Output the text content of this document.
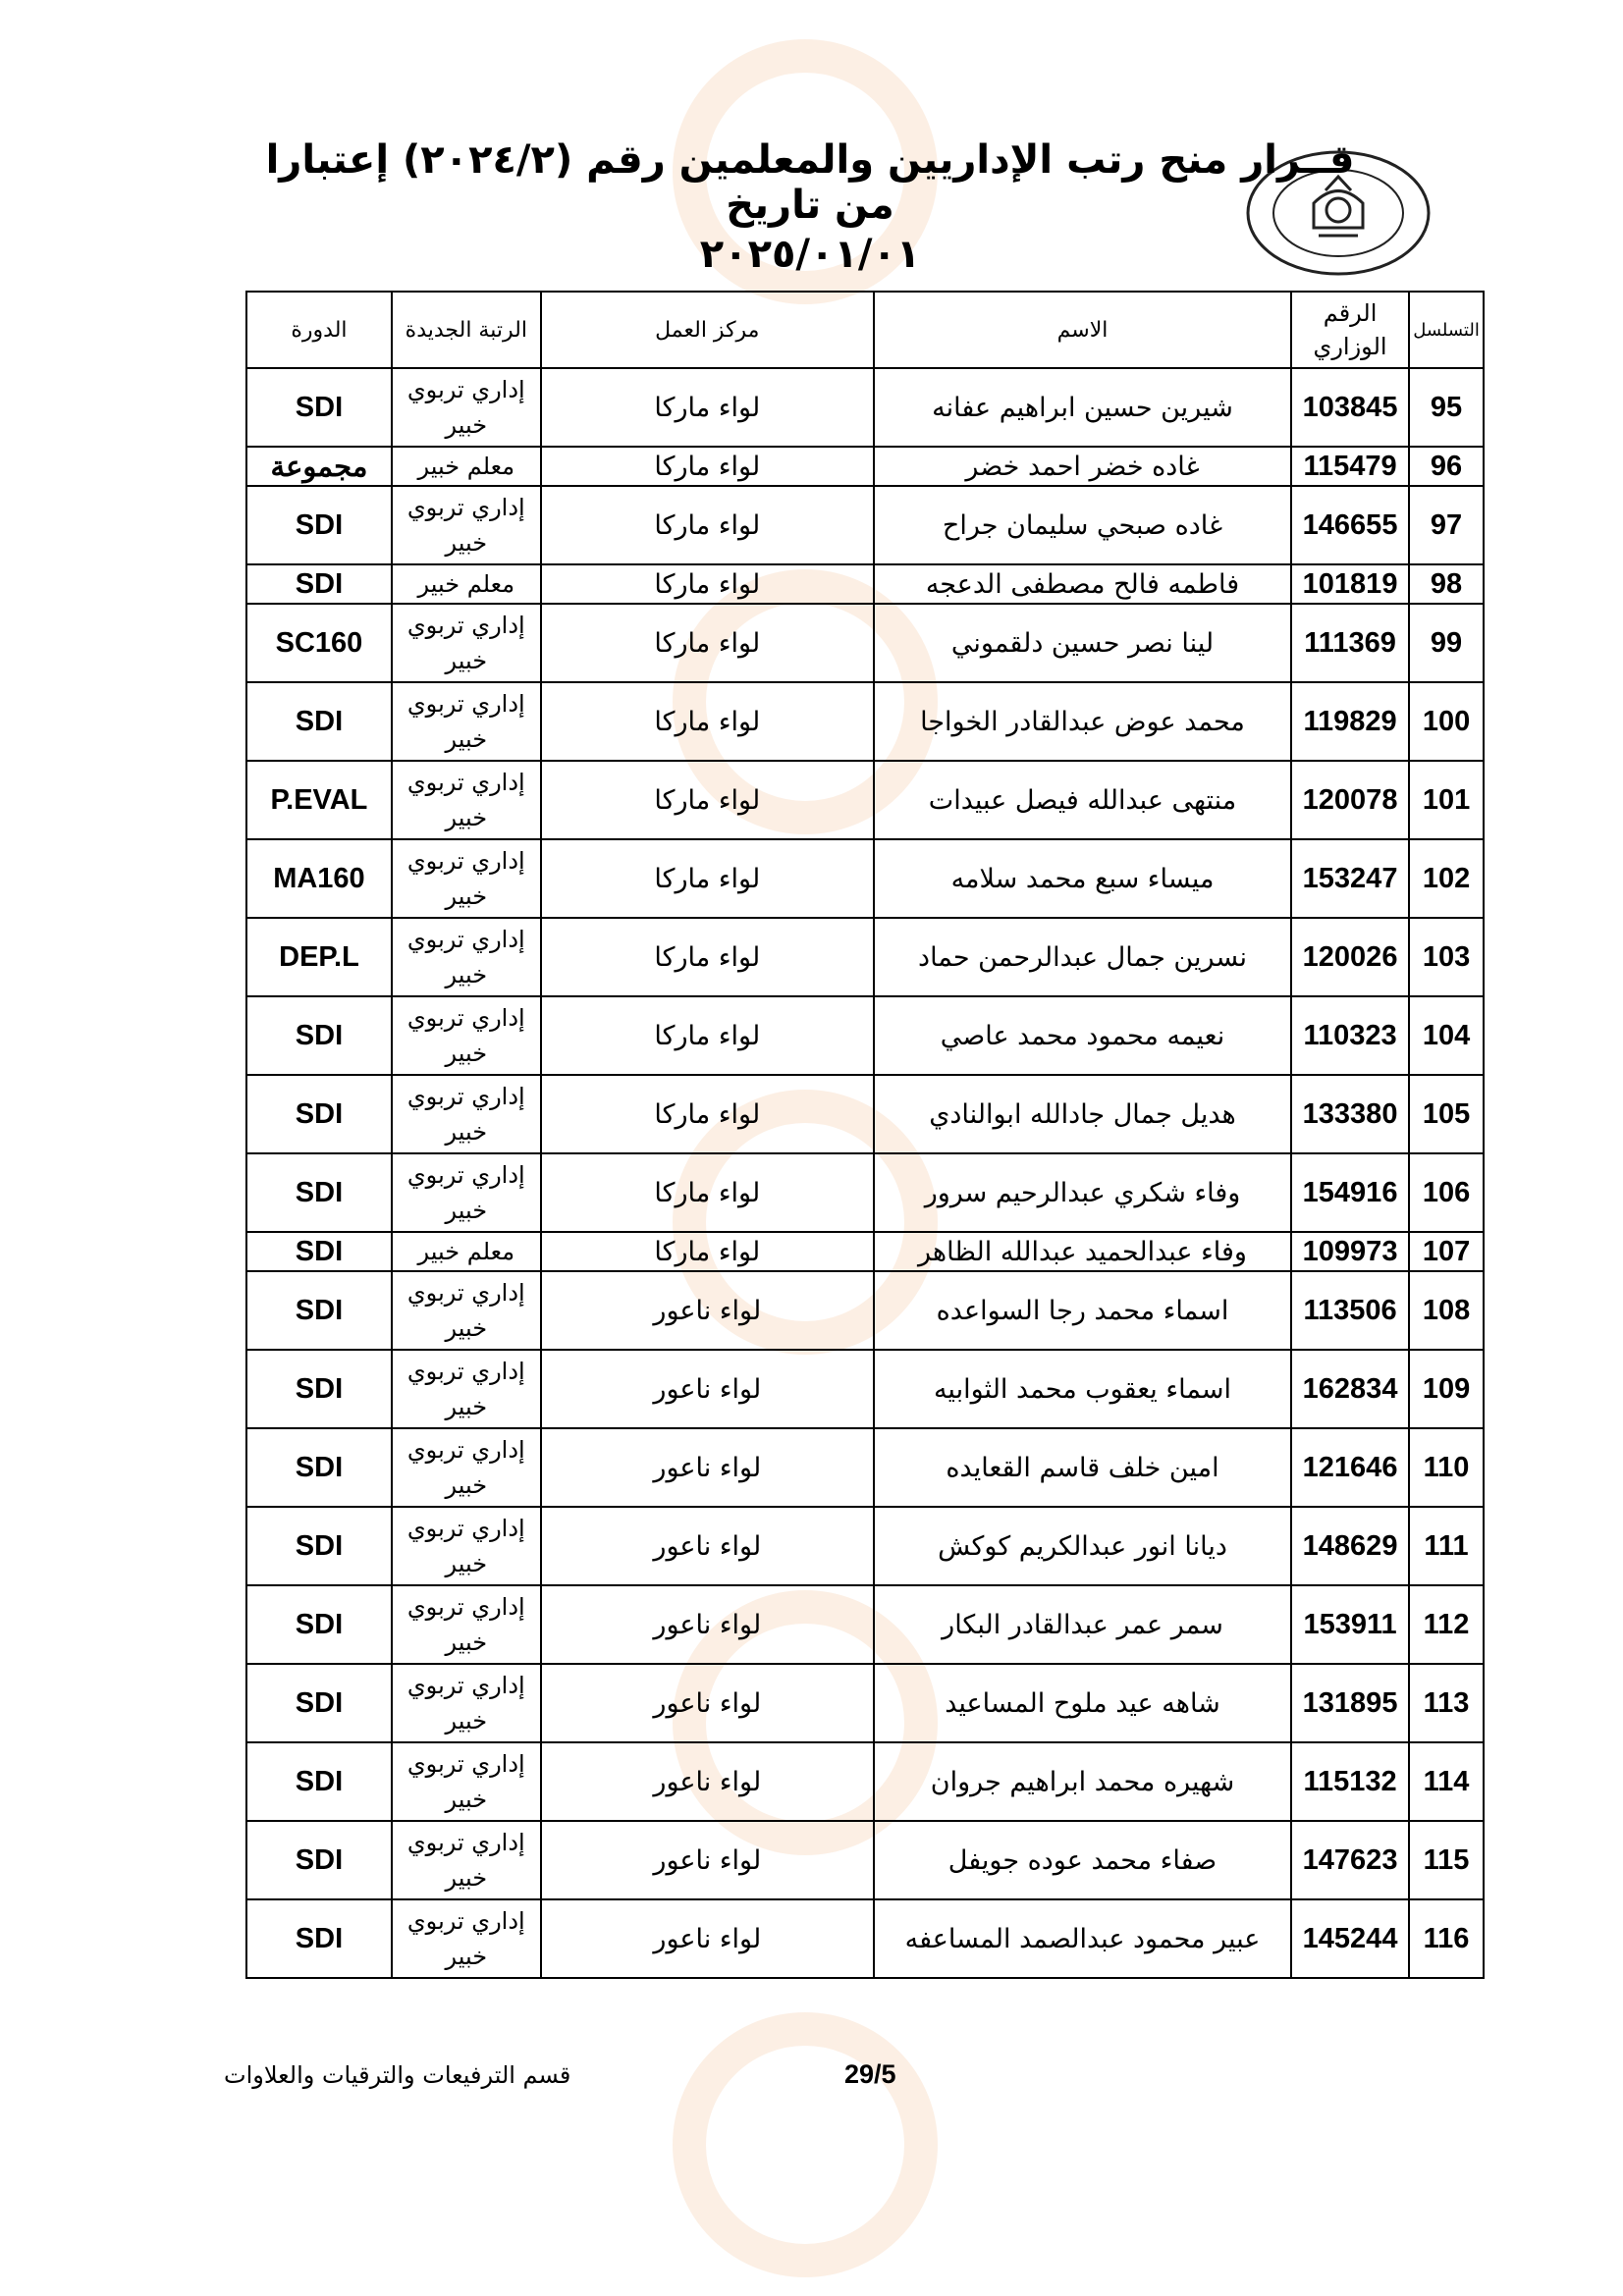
قــرار منح رتب الإداريين والمعلمين رقم (٢٠٢٤/٢) إعتبارا من تاريخ
٢٠٢٥/٠١/٠١
التسلسل	الرقم الوزاري	الاسم	مركز العمل	الرتبة الجديدة	الدورة
95	103845	شيرين حسين ابراهيم عفانه	لواء ماركا	إداري تربوي خبير	SDI
96	115479	غاده خضر احمد خضر	لواء ماركا	معلم خبير	مجموعة
97	146655	غاده صبحي سليمان جراح	لواء ماركا	إداري تربوي خبير	SDI
98	101819	فاطمه فالح مصطفى الدعجه	لواء ماركا	معلم خبير	SDI
99	111369	لينا نصر حسين دلقموني	لواء ماركا	إداري تربوي خبير	SC160
100	119829	محمد عوض عبدالقادر الخواجا	لواء ماركا	إداري تربوي خبير	SDI
101	120078	منتهى عبدالله فيصل عبيدات	لواء ماركا	إداري تربوي خبير	P.EVAL
102	153247	ميساء سبع محمد سلامه	لواء ماركا	إداري تربوي خبير	MA160
103	120026	نسرين جمال عبدالرحمن حماد	لواء ماركا	إداري تربوي خبير	DEP.L
104	110323	نعيمه محمود محمد عاصي	لواء ماركا	إداري تربوي خبير	SDI
105	133380	هديل جمال جادالله ابوالنادي	لواء ماركا	إداري تربوي خبير	SDI
106	154916	وفاء شكري عبدالرحيم سرور	لواء ماركا	إداري تربوي خبير	SDI
107	109973	وفاء عبدالحميد عبدالله الظاهر	لواء ماركا	معلم خبير	SDI
108	113506	اسماء محمد رجا السواعده	لواء ناعور	إداري تربوي خبير	SDI
109	162834	اسماء يعقوب محمد الثوابيه	لواء ناعور	إداري تربوي خبير	SDI
110	121646	امين خلف قاسم القعايده	لواء ناعور	إداري تربوي خبير	SDI
111	148629	ديانا انور عبدالكريم كوكش	لواء ناعور	إداري تربوي خبير	SDI
112	153911	سمر عمر عبدالقادر البكار	لواء ناعور	إداري تربوي خبير	SDI
113	131895	شاهه عيد ملوح المساعيد	لواء ناعور	إداري تربوي خبير	SDI
114	115132	شهيره محمد ابراهيم جروان	لواء ناعور	إداري تربوي خبير	SDI
115	147623	صفاء محمد عوده جويفل	لواء ناعور	إداري تربوي خبير	SDI
116	145244	عبير محمود عبدالصمد المساعفه	لواء ناعور	إداري تربوي خبير	SDI
قسم الترفيعات والترقيات والعلاوات	29/5
